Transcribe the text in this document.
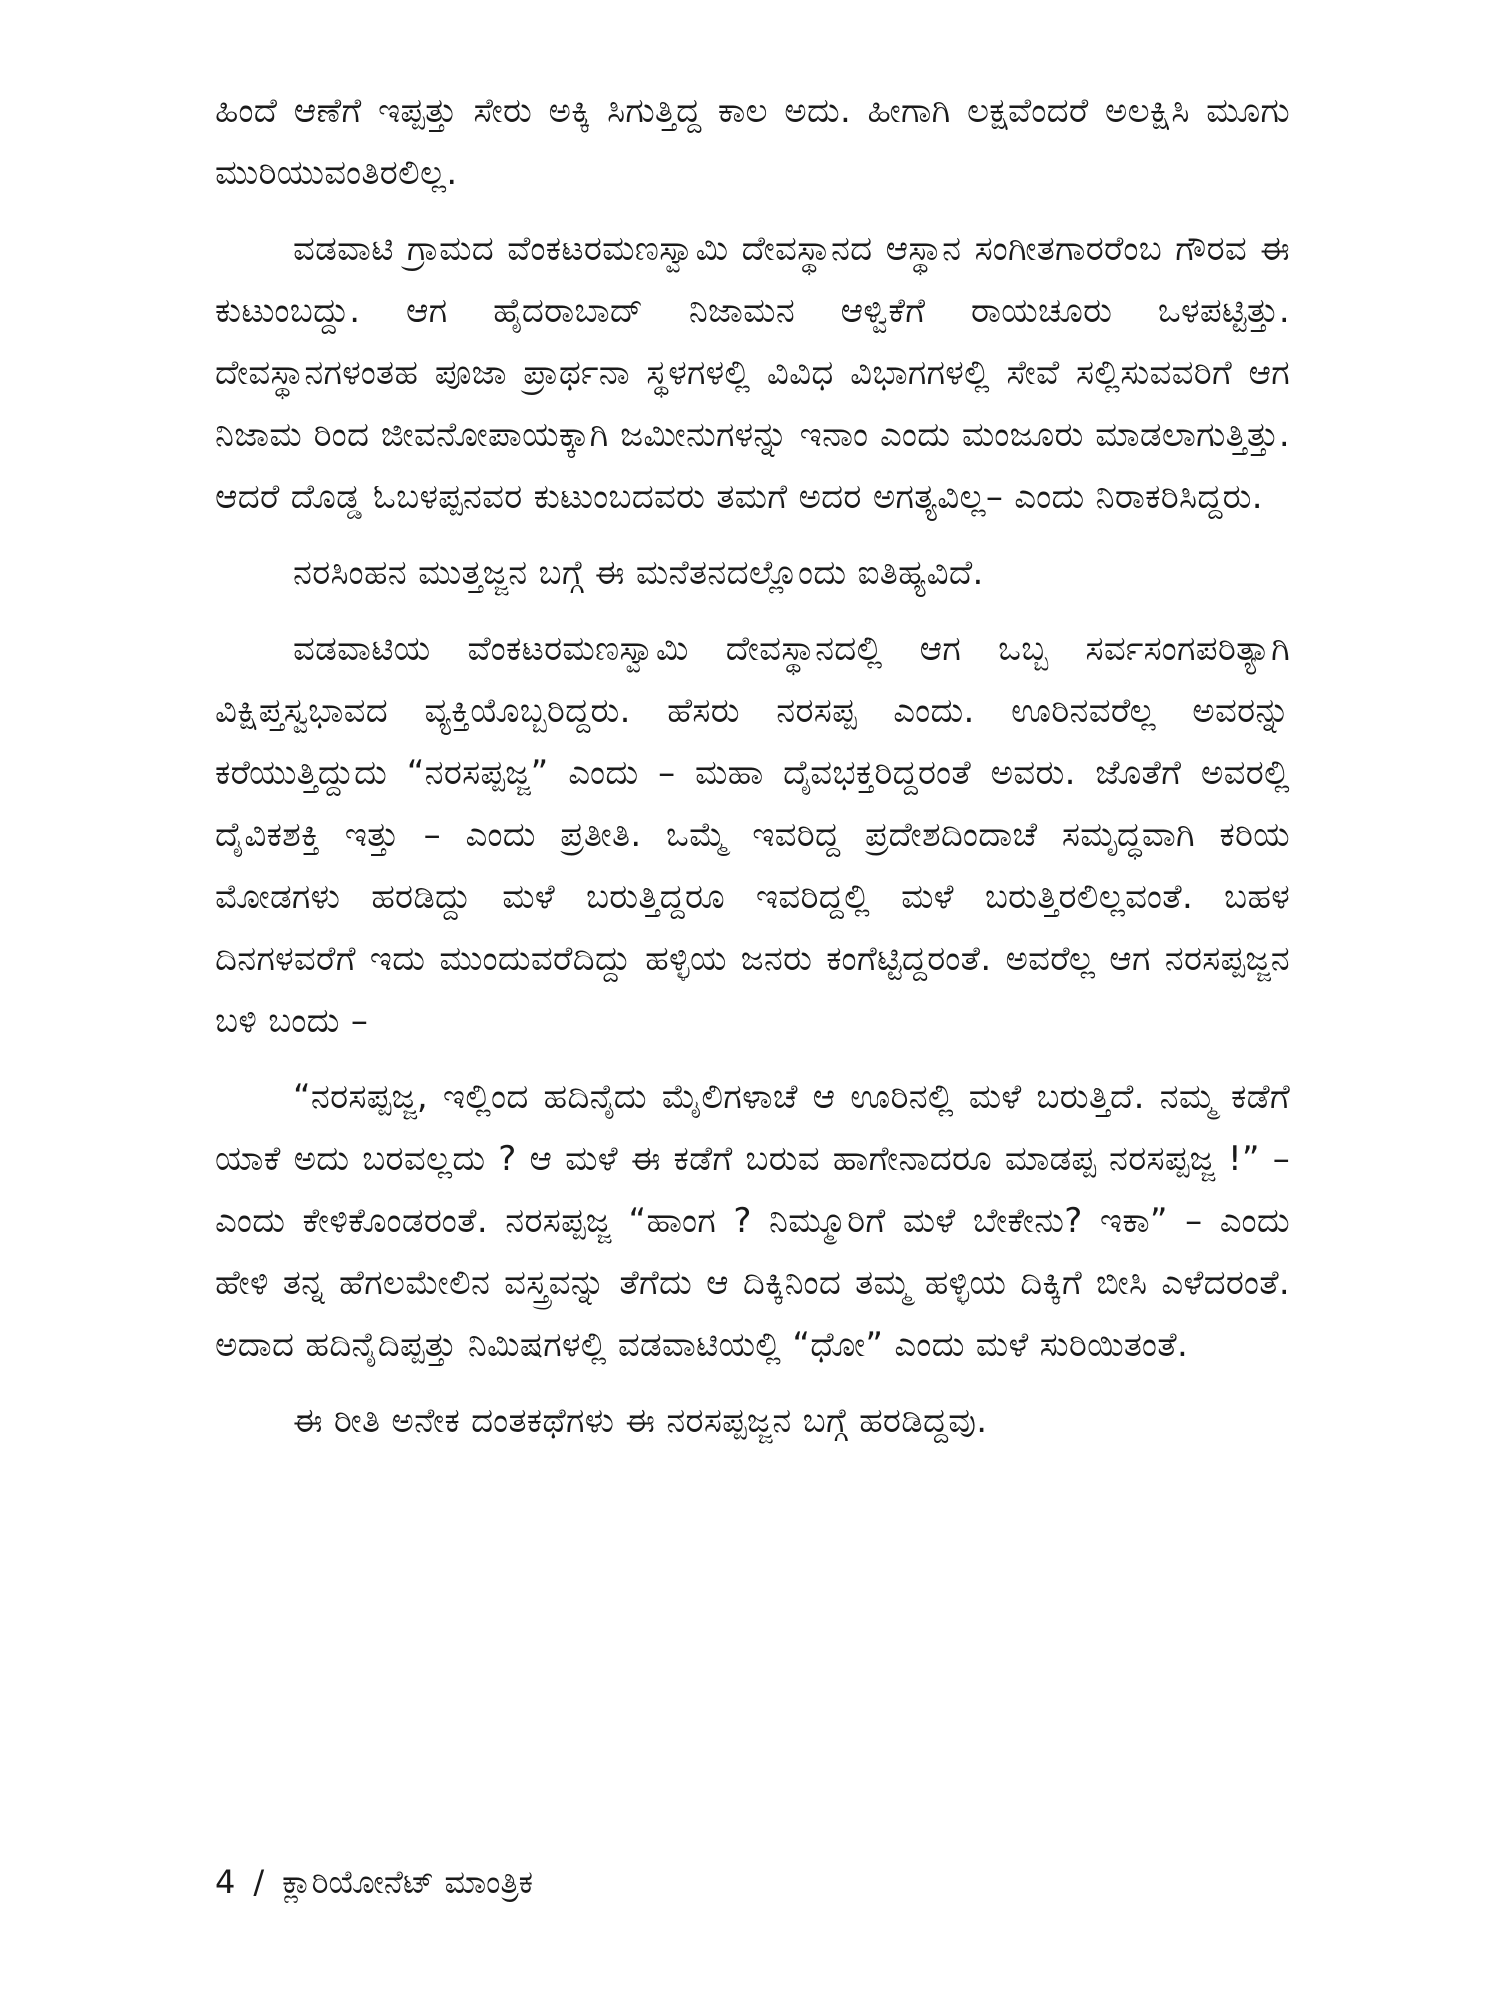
ಹಿಂದೆ ಆಣೆಗೆ ಇಪ್ಪತ್ತು ಸೇರು ಅಕ್ಕಿ ಸಿಗುತ್ತಿದ್ದ ಕಾಲ ಅದು. ಹೀಗಾಗಿ ಲಕ್ಷವೆಂದರೆ ಅಲಕ್ಷಿಸಿ ಮೂಗು ಮುರಿಯುವಂತಿರಲಿಲ್ಲ.

ವಡವಾಟಿ ಗ್ರಾಮದ ವೆಂಕಟರಮಣಸ್ವಾಮಿ ದೇವಸ್ಥಾನದ ಆಸ್ಥಾನ ಸಂಗೀತಗಾರರೆಂಬ ಗೌರವ ಈ ಕುಟುಂಬದ್ದು. ಆಗ ಹೈದರಾಬಾದ್ ನಿಜಾಮನ ಆಳ್ವಿಕೆಗೆ ರಾಯಚೂರು ಒಳಪಟ್ಟಿತ್ತು. ದೇವಸ್ಥಾನಗಳಂತಹ ಪೂಜಾ ಪ್ರಾರ್ಥನಾ ಸ್ಥಳಗಳಲ್ಲಿ ವಿವಿಧ ವಿಭಾಗಗಳಲ್ಲಿ ಸೇವೆ ಸಲ್ಲಿಸುವವರಿಗೆ ಆಗ ನಿಜಾಮ ರಿಂದ ಜೀವನೋಪಾಯಕ್ಕಾಗಿ ಜಮೀನುಗಳನ್ನು ಇನಾಂ ಎಂದು ಮಂಜೂರು ಮಾಡಲಾಗುತ್ತಿತ್ತು. ಆದರೆ ದೊಡ್ಡ ಓಬಳಪ್ಪನವರ ಕುಟುಂಬದವರು ತಮಗೆ ಅದರ ಅಗತ್ಯವಿಲ್ಲ– ಎಂದು ನಿರಾಕರಿಸಿದ್ದರು.

ನರಸಿಂಹನ ಮುತ್ತಜ್ಜನ ಬಗ್ಗೆ ಈ ಮನೆತನದಲ್ಲೊಂದು ಐತಿಹ್ಯವಿದೆ.

ವಡವಾಟಿಯ ವೆಂಕಟರಮಣಸ್ವಾಮಿ ದೇವಸ್ಥಾನದಲ್ಲಿ ಆಗ ಒಬ್ಬ ಸರ್ವಸಂಗಪರಿತ್ಯಾಗಿ ವಿಕ್ಷಿಪ್ತಸ್ವಭಾವದ ವ್ಯಕ್ತಿಯೊಬ್ಬರಿದ್ದರು. ಹೆಸರು ನರಸಪ್ಪ ಎಂದು. ಊರಿನವರೆಲ್ಲ ಅವರನ್ನು ಕರೆಯುತ್ತಿದ್ದುದು “ನರಸಪ್ಪಜ್ಜ” ಎಂದು – ಮಹಾ ದೈವಭಕ್ತರಿದ್ದರಂತೆ ಅವರು. ಜೊತೆಗೆ ಅವರಲ್ಲಿ ದೈವಿಕಶಕ್ತಿ ಇತ್ತು – ಎಂದು ಪ್ರತೀತಿ. ಒಮ್ಮೆ ಇವರಿದ್ದ ಪ್ರದೇಶದಿಂದಾಚೆ ಸಮೃದ್ಧವಾಗಿ ಕರಿಯ ಮೋಡಗಳು ಹರಡಿದ್ದು ಮಳೆ ಬರುತ್ತಿದ್ದರೂ ಇವರಿದ್ದಲ್ಲಿ ಮಳೆ ಬರುತ್ತಿರಲಿಲ್ಲವಂತೆ. ಬಹಳ ದಿನಗಳವರೆಗೆ ಇದು ಮುಂದುವರೆದಿದ್ದು ಹಳ್ಳಿಯ ಜನರು ಕಂಗೆಟ್ಟಿದ್ದರಂತೆ. ಅವರೆಲ್ಲ ಆಗ ನರಸಪ್ಪಜ್ಜನ ಬಳಿ ಬಂದು –

“ನರಸಪ್ಪಜ್ಜ, ಇಲ್ಲಿಂದ ಹದಿನೈದು ಮೈಲಿಗಳಾಚೆ ಆ ಊರಿನಲ್ಲಿ ಮಳೆ ಬರುತ್ತಿದೆ. ನಮ್ಮ ಕಡೆಗೆ ಯಾಕೆ ಅದು ಬರವಲ್ಲದು ? ಆ ಮಳೆ ಈ ಕಡೆಗೆ ಬರುವ ಹಾಗೇನಾದರೂ ಮಾಡಪ್ಪ ನರಸಪ್ಪಜ್ಜ !” –ಎಂದು ಕೇಳಿಕೊಂಡರಂತೆ. ನರಸಪ್ಪಜ್ಜ “ಹಾಂಗ ? ನಿಮ್ಮೂರಿಗೆ ಮಳೆ ಬೇಕೇನು? ಇಕಾ” – ಎಂದು ಹೇಳಿ ತನ್ನ ಹೆಗಲಮೇಲಿನ ವಸ್ತ್ರವನ್ನು ತೆಗೆದು ಆ ದಿಕ್ಕಿನಿಂದ ತಮ್ಮ ಹಳ್ಳಿಯ ದಿಕ್ಕಿಗೆ ಬೀಸಿ ಎಳೆದರಂತೆ. ಅದಾದ ಹದಿನೈದಿಪ್ಪತ್ತು ನಿಮಿಷಗಳಲ್ಲಿ ವಡವಾಟಿಯಲ್ಲಿ “ಧೋ” ಎಂದು ಮಳೆ ಸುರಿಯಿತಂತೆ.

ಈ ರೀತಿ ಅನೇಕ ದಂತಕಥೆಗಳು ಈ ನರಸಪ್ಪಜ್ಜನ ಬಗ್ಗೆ ಹರಡಿದ್ದವು.

4 / ಕ್ಲಾರಿಯೋನೆಟ್ ಮಾಂತ್ರಿಕ
